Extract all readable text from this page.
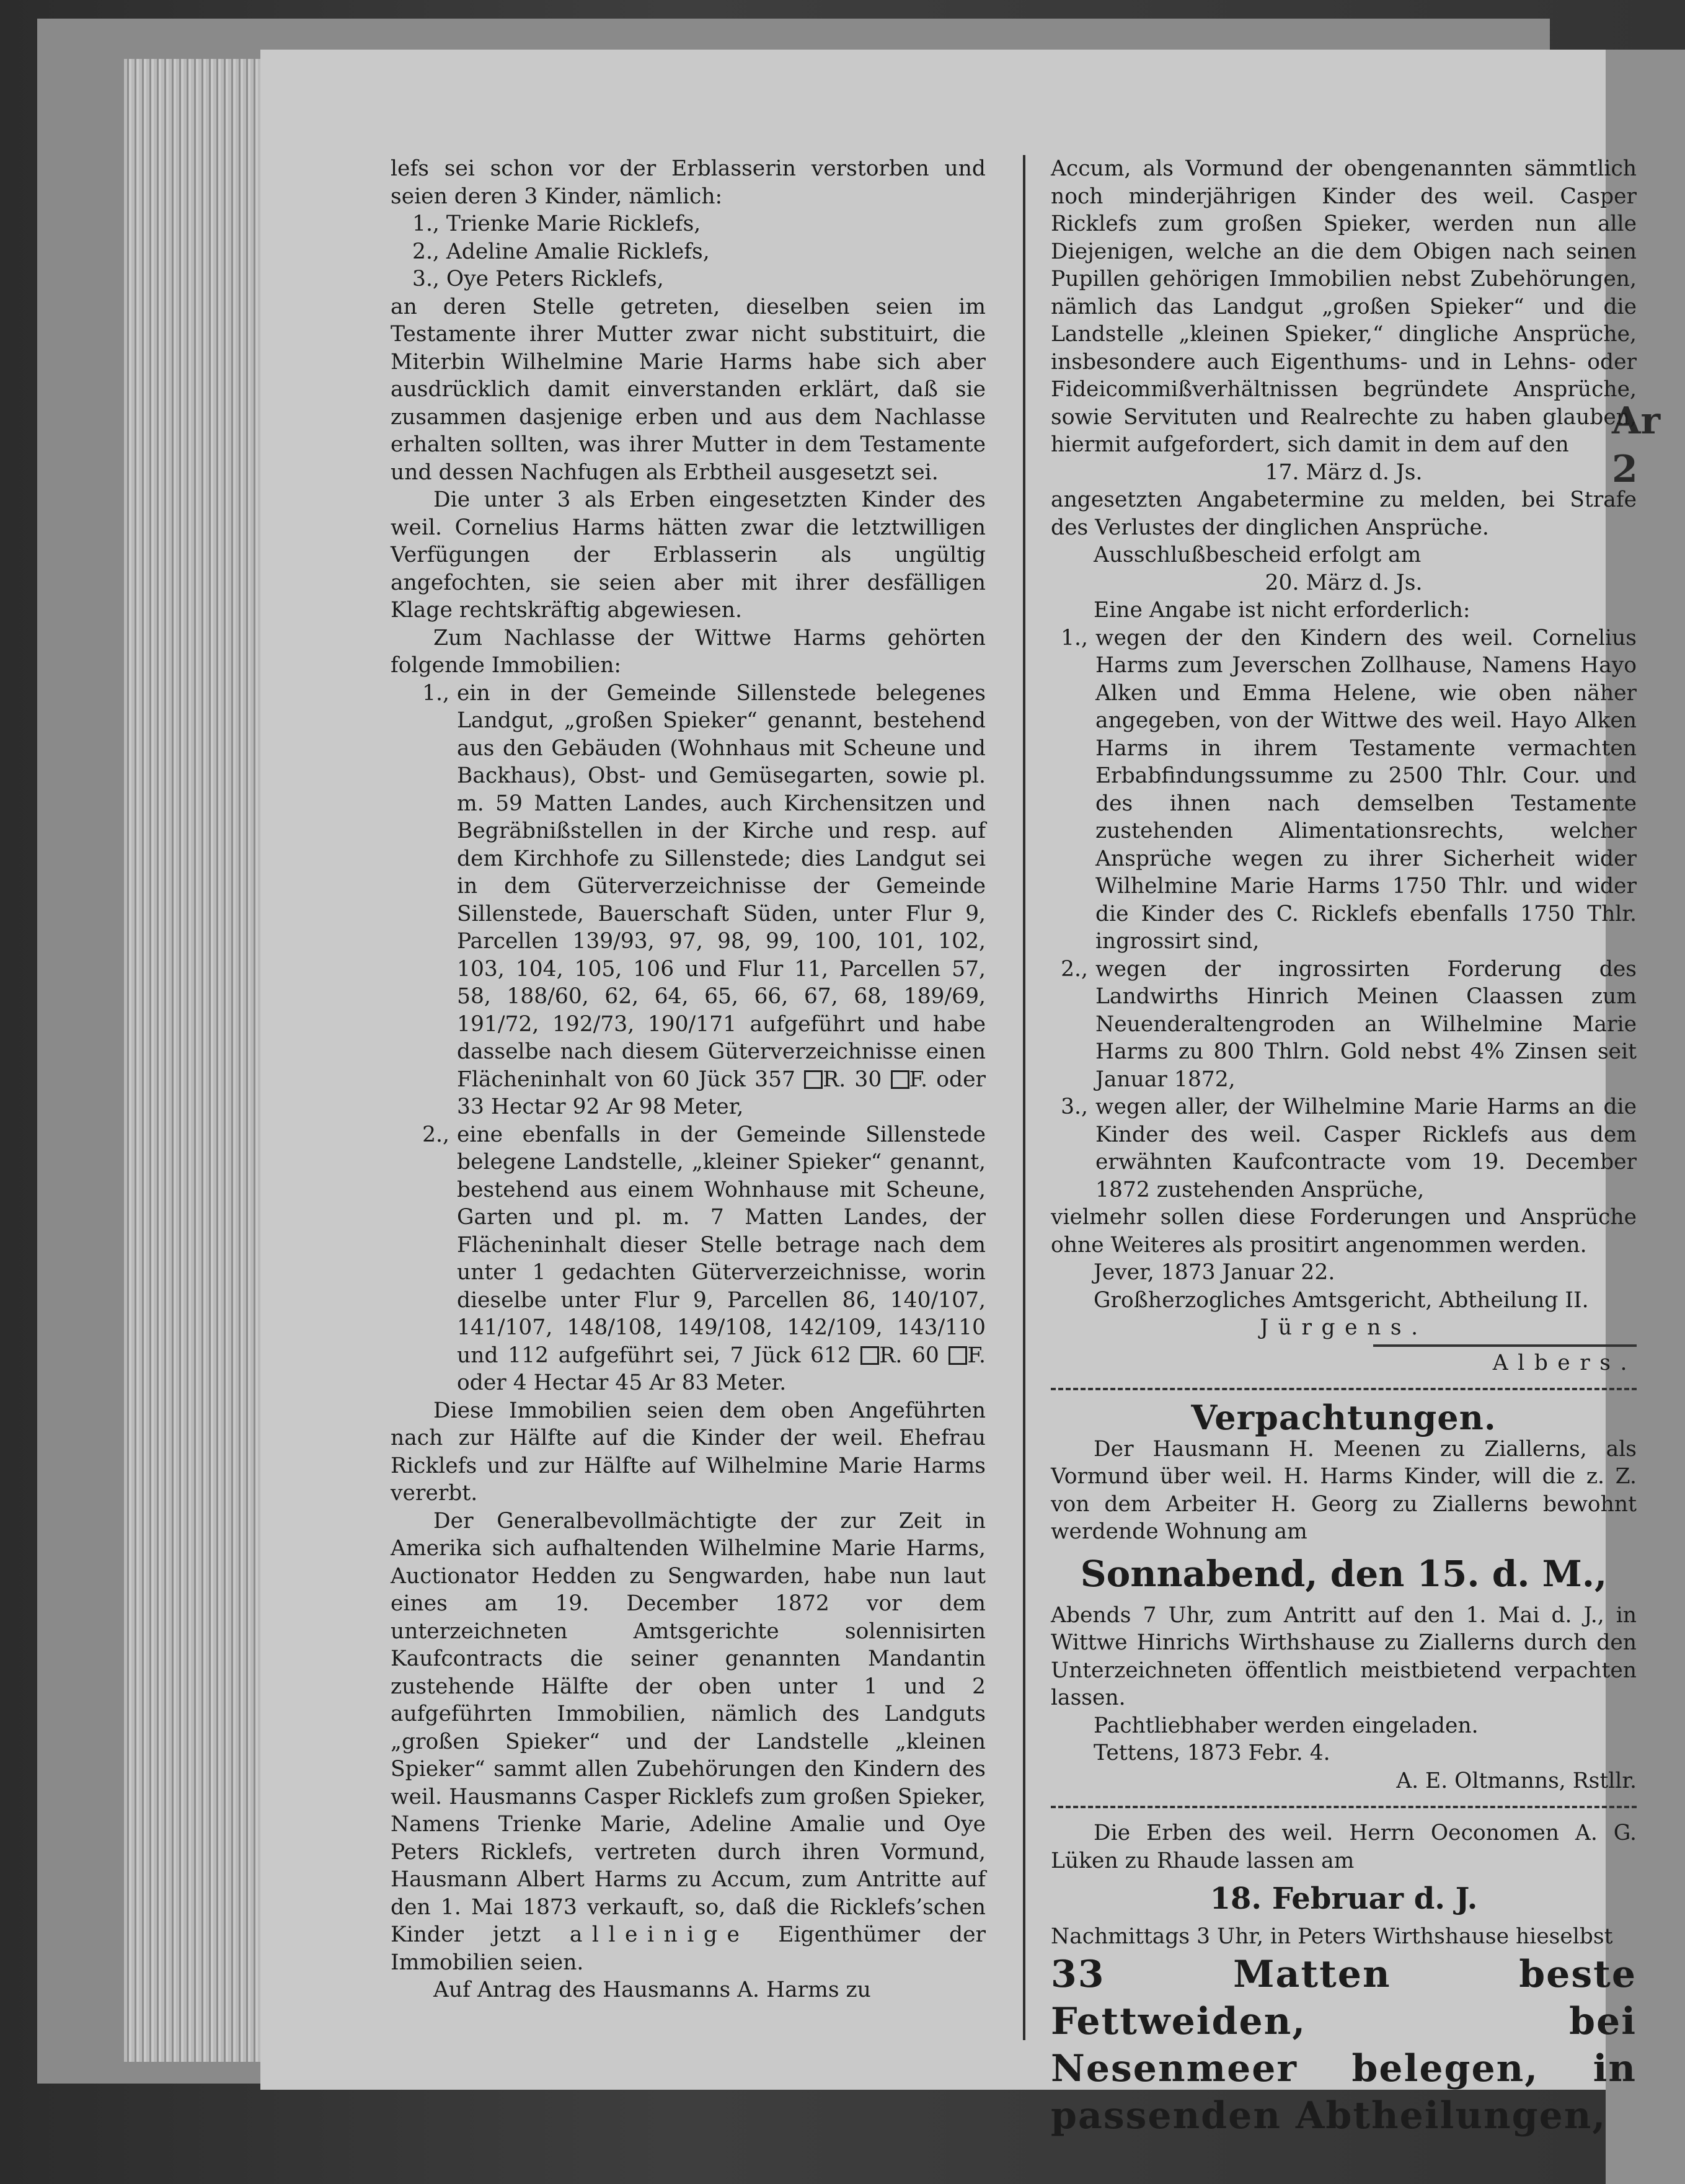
Ar 2

lefs sei schon vor der Erblasserin verstorben und seien deren 3 Kinder, nämlich:

1., Trienke Marie Ricklefs,

2., Adeline Amalie Ricklefs,

3., Oye Peters Ricklefs,

an deren Stelle getreten, dieselben seien im Testamente ihrer Mutter zwar nicht substituirt, die Miterbin Wilhelmine Marie Harms habe sich aber ausdrücklich damit einverstanden erklärt, daß sie zusammen dasjenige erben und aus dem Nachlasse erhalten sollten, was ihrer Mutter in dem Testamente und dessen Nachfugen als Erbtheil ausgesetzt sei.

Die unter 3 als Erben eingesetzten Kinder des weil. Cornelius Harms hätten zwar die letztwilligen Verfügungen der Erblasserin als ungültig angefochten, sie seien aber mit ihrer desfälligen Klage rechtskräftig abgewiesen.

Zum Nachlasse der Wittwe Harms gehörten folgende Immobilien:

1., ein in der Gemeinde Sillenstede belegenes Landgut, „großen Spieker“ genannt, bestehend aus den Gebäuden (Wohnhaus mit Scheune und Backhaus), Obst- und Gemüsegarten, sowie pl. m. 59 Matten Landes, auch Kirchensitzen und Begräbnißstellen in der Kirche und resp. auf dem Kirchhofe zu Sillenstede; dies Landgut sei in dem Güterverzeichnisse der Gemeinde Sillenstede, Bauerschaft Süden, unter Flur 9, Parcellen 139/93, 97, 98, 99, 100, 101, 102, 103, 104, 105, 106 und Flur 11, Parcellen 57, 58, 188/60, 62, 64, 65, 66, 67, 68, 189/69, 191/72, 192/73, 190/171 aufgeführt und habe dasselbe nach diesem Güterverzeichnisse einen Flächeninhalt von 60 Jück 357 R. 30 F. oder 33 Hectar 92 Ar 98 Meter,

2., eine ebenfalls in der Gemeinde Sillenstede belegene Landstelle, „kleiner Spieker“ genannt, bestehend aus einem Wohnhause mit Scheune, Garten und pl. m. 7 Matten Landes, der Flächeninhalt dieser Stelle betrage nach dem unter 1 gedachten Güterverzeichnisse, worin dieselbe unter Flur 9, Parcellen 86, 140/107, 141/107, 148/108, 149/108, 142/109, 143/110 und 112 aufgeführt sei, 7 Jück 612 R. 60 F. oder 4 Hectar 45 Ar 83 Meter.

Diese Immobilien seien dem oben Angeführten nach zur Hälfte auf die Kinder der weil. Ehefrau Ricklefs und zur Hälfte auf Wilhelmine Marie Harms vererbt.

Der Generalbevollmächtigte der zur Zeit in Amerika sich aufhaltenden Wilhelmine Marie Harms, Auctionator Hedden zu Sengwarden, habe nun laut eines am 19. December 1872 vor dem unterzeichneten Amtsgerichte solennisirten Kaufcontracts die seiner genannten Mandantin zustehende Hälfte der oben unter 1 und 2 aufgeführten Immobilien, nämlich des Landguts „großen Spieker“ und der Landstelle „kleinen Spieker“ sammt allen Zubehörungen den Kindern des weil. Hausmanns Casper Ricklefs zum großen Spieker, Namens Trienke Marie, Adeline Amalie und Oye Peters Ricklefs, vertreten durch ihren Vormund, Hausmann Albert Harms zu Accum, zum Antritte auf den 1. Mai 1873 verkauft, so, daß die Ricklefs’schen Kinder jetzt alleinige Eigenthümer der Immobilien seien.

Auf Antrag des Hausmanns A. Harms zu

Accum, als Vormund der obengenannten sämmtlich noch minderjährigen Kinder des weil. Casper Ricklefs zum großen Spieker, werden nun alle Diejenigen, welche an die dem Obigen nach seinen Pupillen gehörigen Immobilien nebst Zubehörungen, nämlich das Landgut „großen Spieker“ und die Landstelle „kleinen Spieker,“ dingliche Ansprüche, insbesondere auch Eigenthums- und in Lehns- oder Fideicommißverhältnissen begründete Ansprüche, sowie Servituten und Realrechte zu haben glauben, hiermit aufgefordert, sich damit in dem auf den

17. März d. Js.

angesetzten Angabetermine zu melden, bei Strafe des Verlustes der dinglichen Ansprüche.

Ausschlußbescheid erfolgt am

20. März d. Js.

Eine Angabe ist nicht erforderlich:

1., wegen der den Kindern des weil. Cornelius Harms zum Jeverschen Zollhause, Namens Hayo Alken und Emma Helene, wie oben näher angegeben, von der Wittwe des weil. Hayo Alken Harms in ihrem Testamente vermachten Erbabfindungssumme zu 2500 Thlr. Cour. und des ihnen nach demselben Testamente zustehenden Alimentationsrechts, welcher Ansprüche wegen zu ihrer Sicherheit wider Wilhelmine Marie Harms 1750 Thlr. und wider die Kinder des C. Ricklefs ebenfalls 1750 Thlr. ingrossirt sind,

2., wegen der ingrossirten Forderung des Landwirths Hinrich Meinen Claassen zum Neuenderaltengroden an Wilhelmine Marie Harms zu 800 Thlrn. Gold nebst 4% Zinsen seit Januar 1872,

3., wegen aller, der Wilhelmine Marie Harms an die Kinder des weil. Casper Ricklefs aus dem erwähnten Kaufcontracte vom 19. December 1872 zustehenden Ansprüche,

vielmehr sollen diese Forderungen und Ansprüche ohne Weiteres als prositirt angenommen werden.

Jever, 1873 Januar 22.

Großherzogliches Amtsgericht, Abtheilung II.

Jürgens.

Albers.

Verpachtungen.

Der Hausmann H. Meenen zu Ziallerns, als Vormund über weil. H. Harms Kinder, will die z. Z. von dem Arbeiter H. Georg zu Ziallerns bewohnt werdende Wohnung am

Sonnabend, den 15. d. M.,

Abends 7 Uhr, zum Antritt auf den 1. Mai d. J., in Wittwe Hinrichs Wirthshause zu Ziallerns durch den Unterzeichneten öffentlich meistbietend verpachten lassen.

Pachtliebhaber werden eingeladen.

Tettens, 1873 Febr. 4.

A. E. Oltmanns, Rstllr.

Die Erben des weil. Herrn Oeconomen A. G. Lüken zu Rhaude lassen am

18. Februar d. J.

Nachmittags 3 Uhr, in Peters Wirthshause hieselbst

33 Matten beste Fettweiden, bei Nesenmeer belegen, in passenden Abtheilungen,
